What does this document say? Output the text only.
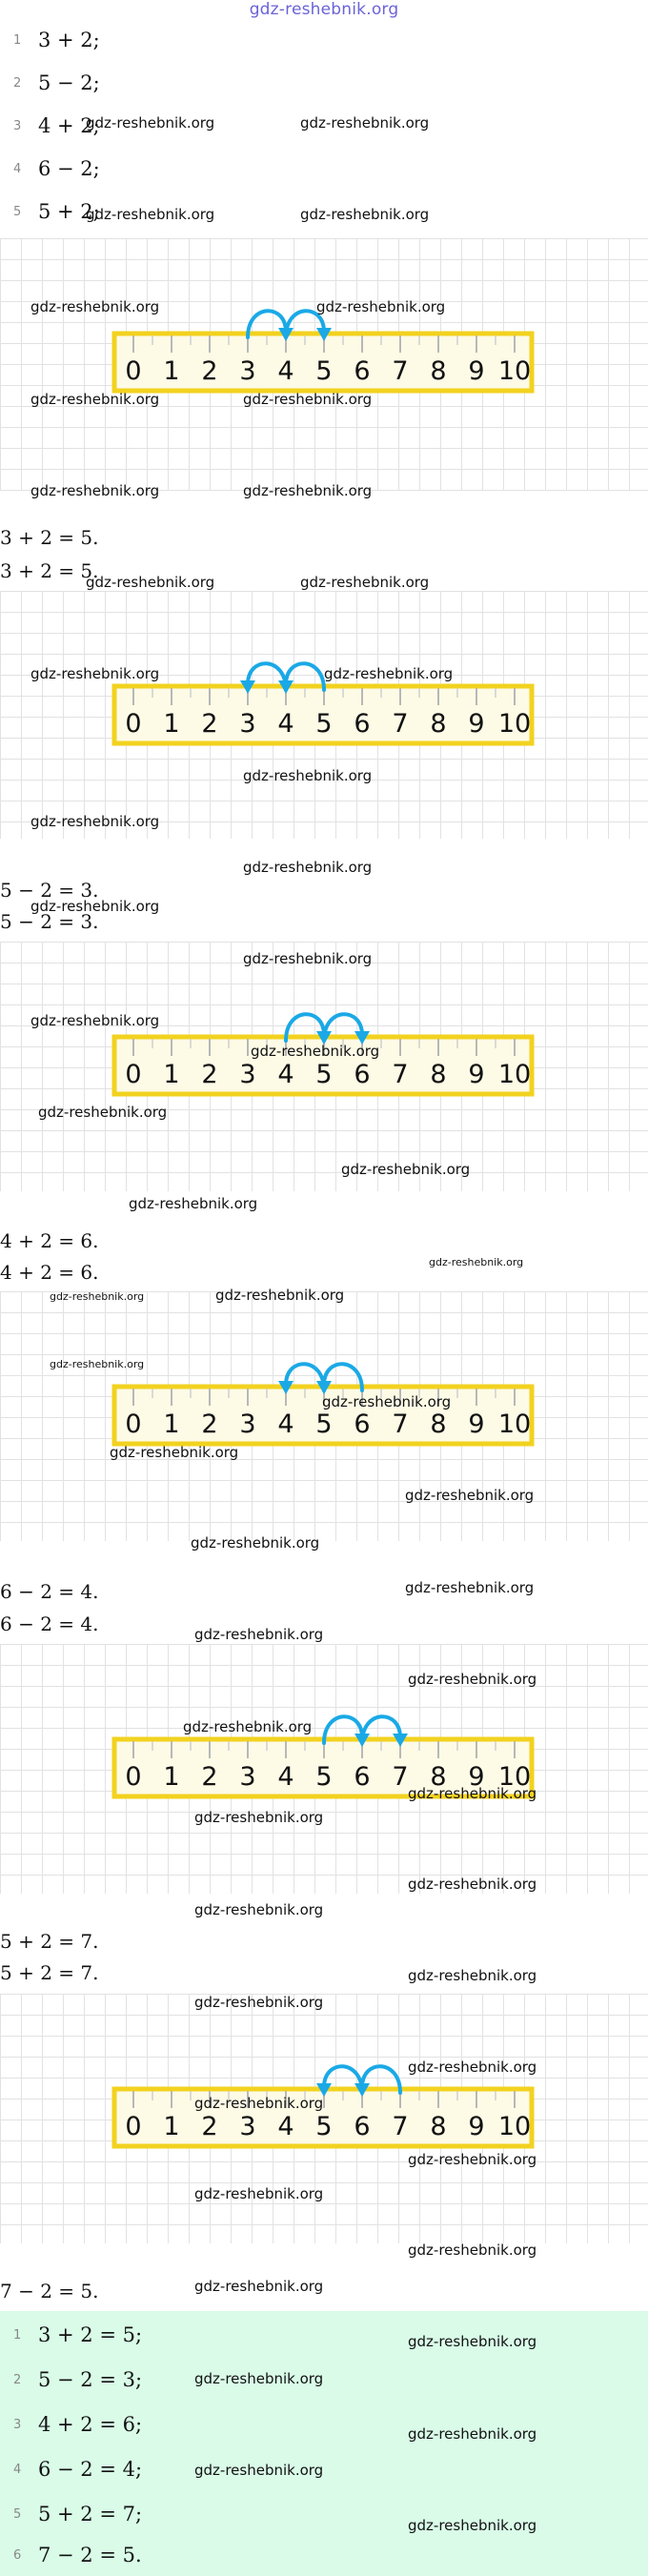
gdz-reshebnik.org
1 3 + 2;
2 5 − 2;
3 4 + 2;
4 6 − 2;
5 5 + 2;
0 1 2 3 4 5 6 7 8 9 10
3 + 2 = 5.
3 + 2 = 5.
0 1 2 3 4 5 6 7 8 9 10
5 − 2 = 3.
5 − 2 = 3.
0 1 2 3 4 5 6 7 8 9 10
4 + 2 = 6.
4 + 2 = 6.
0 1 2 3 4 5 6 7 8 9 10
6 − 2 = 4.
6 − 2 = 4.
0 1 2 3 4 5 6 7 8 9 10
5 + 2 = 7.
5 + 2 = 7.
0 1 2 3 4 5 6 7 8 9 10
7 − 2 = 5.
1 3 + 2 = 5;
2 5 − 2 = 3;
3 4 + 2 = 6;
4 6 − 2 = 4;
5 5 + 2 = 7;
6 7 − 2 = 5.
gdz-reshebnik.org	gdz-reshebnik.org
gdz-reshebnik.org	gdz-reshebnik.org
gdz-reshebnik.org	gdz-reshebnik.org
gdz-reshebnik.org	gdz-reshebnik.org
gdz-reshebnik.org	gdz-reshebnik.org
gdz-reshebnik.org	gdz-reshebnik.org
gdz-reshebnik.org	gdz-reshebnik.org
gdz-reshebnik.org
gdz-reshebnik.org
gdz-reshebnik.org
gdz-reshebnik.org
gdz-reshebnik.org
gdz-reshebnik.org
gdz-reshebnik.org
gdz-reshebnik.org
gdz-reshebnik.org
gdz-reshebnik.org
gdz-reshebnik.org
gdz-reshebnik.org	gdz-reshebnik.org
gdz-reshebnik.org
gdz-reshebnik.org
gdz-reshebnik.org
gdz-reshebnik.org
gdz-reshebnik.org
gdz-reshebnik.org
gdz-reshebnik.org
gdz-reshebnik.org
gdz-reshebnik.org
gdz-reshebnik.org
gdz-reshebnik.org
gdz-reshebnik.org
gdz-reshebnik.org
gdz-reshebnik.org
gdz-reshebnik.org
gdz-reshebnik.org
gdz-reshebnik.org
gdz-reshebnik.org
gdz-reshebnik.org
gdz-reshebnik.org
gdz-reshebnik.org
gdz-reshebnik.org
gdz-reshebnik.org
gdz-reshebnik.org
gdz-reshebnik.org
gdz-reshebnik.org
